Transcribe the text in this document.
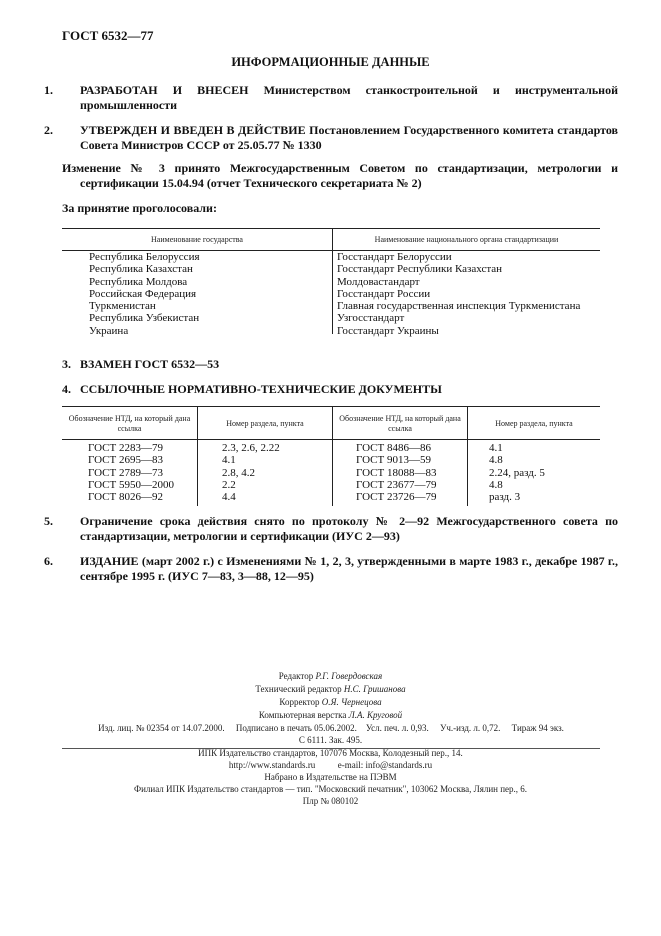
ГОСТ 6532—77
ИНФОРМАЦИОННЫЕ ДАННЫЕ
1. РАЗРАБОТАН И ВНЕСЕН Министерством станкостроительной и инструментальной промышленности
2. УТВЕРЖДЕН И ВВЕДЕН В ДЕЙСТВИЕ Постановлением Государственного комитета стандартов Совета Министров СССР от 25.05.77 № 1330
Изменение № 3 принято Межгосударственным Советом по стандартизации, метрологии и сертификации 15.04.94 (отчет Технического секретариата № 2)
За принятие проголосовали:
Наименование государства	Наименование национального органа стандартизации
Республика Белоруссия
Республика Казахстан
Республика Молдова
Российская Федерация
Туркменистан
Республика Узбекистан
Украина
Госстандарт Белоруссии
Госстандарт Республики Казахстан
Молдовастандарт
Госстандарт России
Главная государственная инспекция Туркменистана
Узгосстандарт
Госстандарт Украины
3. ВЗАМЕН ГОСТ 6532—53
4. ССЫЛОЧНЫЕ НОРМАТИВНО-ТЕХНИЧЕСКИЕ ДОКУМЕНТЫ
Обозначение НТД, на который дана ссылка
Номер раздела, пункта
Обозначение НТД, на который дана ссылка
Номер раздела, пункта
ГОСТ 2283—79
ГОСТ 2695—83
ГОСТ 2789—73
ГОСТ 5950—2000
ГОСТ 8026—92
2.3, 2.6, 2.22
4.1
2.8, 4.2
2.2
4.4
ГОСТ 8486—86
ГОСТ 9013—59
ГОСТ 18088—83
ГОСТ 23677—79
ГОСТ 23726—79
4.1
4.8
2.24, разд. 5
4.8
разд. 3
5. Ограничение срока действия снято по протоколу № 2—92 Межгосударственного совета по стандартизации, метрологии и сертификации (ИУС 2—93)
6. ИЗДАНИЕ (март 2002 г.) с Изменениями № 1, 2, 3, утвержденными в марте 1983 г., декабре 1987 г., сентябре 1995 г. (ИУС 7—83, 3—88, 12—95)
Редактор Р.Г. Говердовская
Технический редактор Н.С. Гришанова
Корректор О.Я. Чернецова
Компьютерная верстка Л.А. Круговой
Изд. лиц. № 02354 от 14.07.2000.     Подписано в печать 05.06.2002.    Усл. печ. л. 0,93.     Уч.-изд. л. 0,72.     Тираж 94 экз.
С 6111. Зак. 495.
ИПК Издательство стандартов, 107076 Москва, Колодезный пер., 14.
http://www.standards.ru          e-mail: info@standards.ru
Набрано в Издательстве на ПЭВМ
Филиал ИПК Издательство стандартов — тип. "Московский печатник", 103062 Москва, Лялин пер., 6.
Плр № 080102
